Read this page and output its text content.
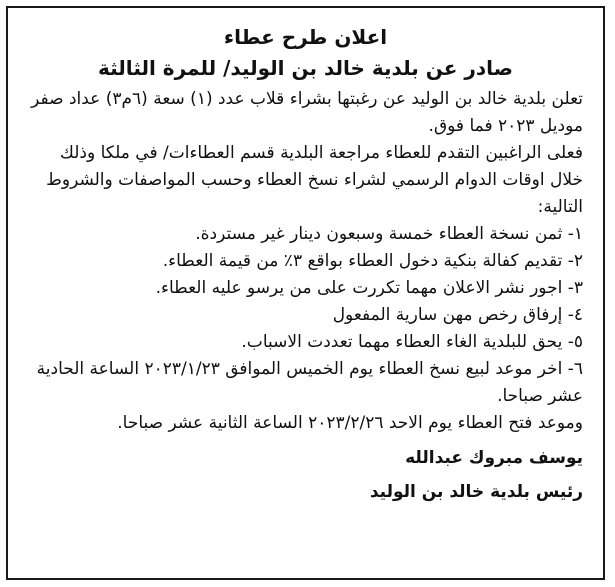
اعلان طرح عطاء

صادر عن بلدية خالد بن الوليد/ للمرة الثالثة

تعلن بلدية خالد بن الوليد عن رغبتها بشراء قلاب عدد (١) سعة (٦م٣) عداد صفر موديل ٢٠٢٣ فما فوق.

فعلى الراغبين التقدم للعطاء مراجعة البلدية قسم العطاءات/ في ملكا وذلك خلال اوقات الدوام الرسمي لشراء نسخ العطاء وحسب المواصفات والشروط التالية:

١- ثمن نسخة العطاء خمسة وسبعون دينار غير مستردة.

٢- تقديم كفالة بنكية دخول العطاء بواقع ٣٪ من قيمة العطاء.

٣- اجور نشر الاعلان مهما تكررت على من يرسو عليه العطاء.

٤- إرفاق رخص مهن سارية المفعول

٥- يحق للبلدية الغاء العطاء مهما تعددت الاسباب.

٦- اخر موعد لبيع نسخ العطاء يوم الخميس الموافق ٢٠٢٣/١/٢٣ الساعة الحادية عشر صباحا.

وموعد فتح العطاء يوم الاحد ٢٠٢٣/٢/٢٦ الساعة الثانية عشر صباحا.

يوسف مبروك عبدالله

رئيس بلدية خالد بن الوليد
